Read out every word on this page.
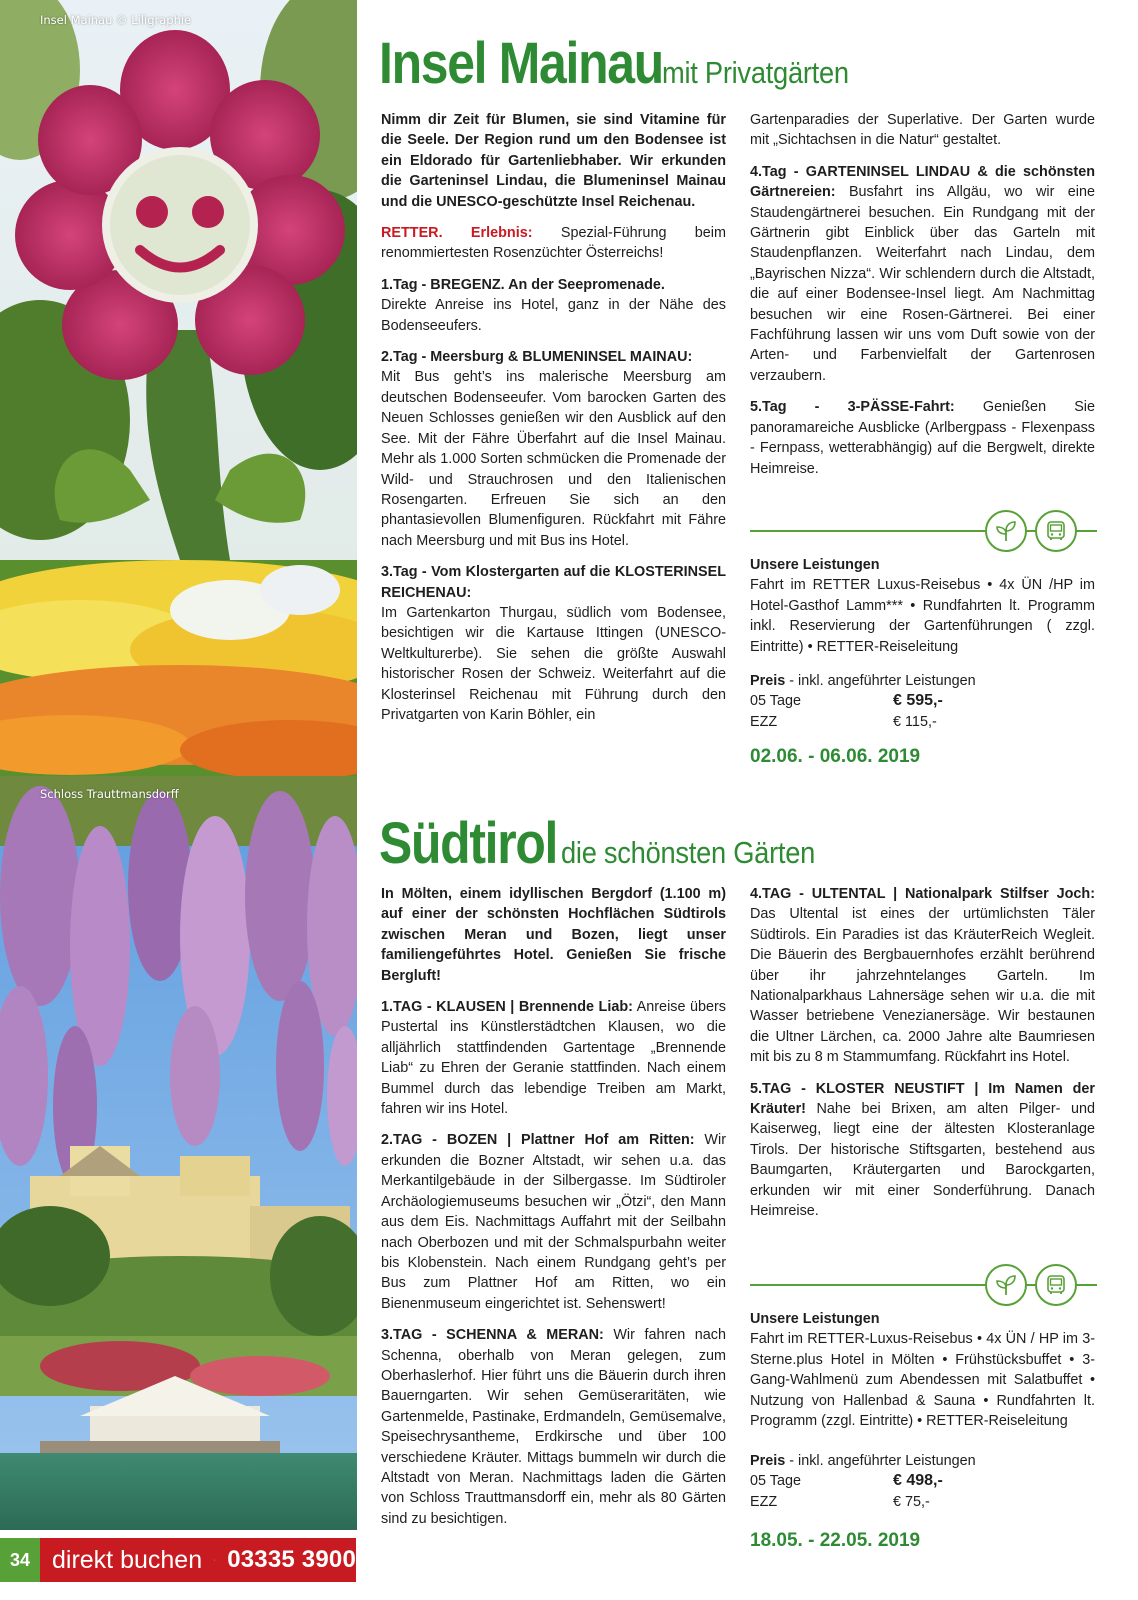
Insel Mainau © Liligraphie
Schloss Trauttmansdorff
34 direkt buchen 03335 3900
Insel Mainau mit Privatgärten

Nimm dir Zeit für Blumen, sie sind Vitamine für die Seele. Der Region rund um den Bodensee ist ein Eldorado für Gartenliebhaber. Wir erkunden die Garteninsel Lindau, die Blumeninsel Mainau und die UNESCO-geschützte Insel Reichenau.

RETTER. Erlebnis: Spezial-Führung beim renommiertesten Rosenzüchter Österreichs!

1.Tag - BREGENZ. An der Seepromenade.
Direkte Anreise ins Hotel, ganz in der Nähe des Bodenseeufers.

2.Tag - Meersburg & BLUMENINSEL MAINAU:
Mit Bus geht’s ins malerische Meersburg am deutschen Bodenseeufer. Vom barocken Garten des Neuen Schlosses genießen wir den Ausblick auf den See. Mit der Fähre Überfahrt auf die Insel Mainau. Mehr als 1.000 Sorten schmücken die Promenade der Wild- und Strauchrosen und den Italienischen Rosengarten. Erfreuen Sie sich an den phantasievollen Blumenfiguren. Rückfahrt mit Fähre nach Meersburg und mit Bus ins Hotel.

3.Tag - Vom Klostergarten auf die KLOSTERINSEL REICHENAU:
Im Gartenkarton Thurgau, südlich vom Bodensee, besichtigen wir die Kartause Ittingen (UNESCO-Weltkulturerbe). Sie sehen die größte Auswahl historischer Rosen der Schweiz. Weiterfahrt auf die Klosterinsel Reichenau mit Führung durch den Privatgarten von Karin Böhler, ein

Gartenparadies der Superlative. Der Garten wurde mit „Sichtachsen in die Natur“ gestaltet.

4.Tag - GARTENINSEL LINDAU & die schönsten Gärtnereien: Busfahrt ins Allgäu, wo wir eine Staudengärtnerei besuchen. Ein Rundgang mit der Gärtnerin gibt Einblick über das Garteln mit Staudenpflanzen. Weiterfahrt nach Lindau, dem „Bayrischen Nizza“. Wir schlendern durch die Altstadt, die auf einer Bodensee-Insel liegt. Am Nachmittag besuchen wir eine Rosen-Gärtnerei. Bei einer Fachführung lassen wir uns vom Duft sowie von der Arten- und Farbenvielfalt der Gartenrosen verzaubern.

5.Tag - 3-PÄSSE-Fahrt: Genießen Sie panoramareiche Ausblicke (Arlbergpass - Flexenpass - Fernpass, wetterabhängig) auf die Bergwelt, direkte Heimreise.

Unsere Leistungen
Fahrt im RETTER Luxus-Reisebus • 4x ÜN /HP im Hotel-Gasthof Lamm*** • Rundfahrten lt. Programm inkl. Reservierung der Gartenführungen ( zzgl. Eintritte) • RETTER-Reiseleitung
Preis - inkl. angeführter Leistungen
05 Tage	€ 595,-
EZZ	€ 115,-
02.06. - 06.06. 2019
Südtirol die schönsten Gärten

In Mölten, einem idyllischen Bergdorf (1.100 m) auf einer der schönsten Hochflächen Südtirols zwischen Meran und Bozen, liegt unser familiengeführtes Hotel. Genießen Sie frische Bergluft!

1.TAG - KLAUSEN | Brennende Liab: Anreise übers Pustertal ins Künstlerstädtchen Klausen, wo die alljährlich stattfindenden Gartentage „Brennende Liab“ zu Ehren der Geranie stattfinden. Nach einem Bummel durch das lebendige Treiben am Markt, fahren wir ins Hotel.

2.TAG - BOZEN | Plattner Hof am Ritten: Wir erkunden die Bozner Altstadt, wir sehen u.a. das Merkantilgebäude in der Silbergasse. Im Südtiroler Archäologiemuseums besuchen wir „Ötzi“, den Mann aus dem Eis. Nachmittags Auffahrt mit der Seilbahn nach Oberbozen und mit der Schmalspurbahn weiter bis Klobenstein. Nach einem Rundgang geht’s per Bus zum Plattner Hof am Ritten, wo ein Bienenmuseum eingerichtet ist. Sehenswert!

3.TAG - SCHENNA & MERAN: Wir fahren nach Schenna, oberhalb von Meran gelegen, zum Oberhaslerhof. Hier führt uns die Bäuerin durch ihren Bauerngarten. Wir sehen Gemüseraritäten, wie Gartenmelde, Pastinake, Erdmandeln, Gemüsemalve, Speisechrysantheme, Erdkirsche und über 100 verschiedene Kräuter. Mittags bummeln wir durch die Altstadt von Meran. Nachmittags laden die Gärten von Schloss Trauttmansdorff ein, mehr als 80 Gärten sind zu besichtigen.

4.TAG - ULTENTAL | Nationalpark Stilfser Joch: Das Ultental ist eines der urtümlichsten Täler Südtirols. Ein Paradies ist das KräuterReich Wegleit. Die Bäuerin des Bergbauernhofes erzählt berührend über ihr jahrzehntelanges Garteln. Im Nationalparkhaus Lahnersäge sehen wir u.a. die mit Wasser betriebene Venezianersäge. Wir bestaunen die Ultner Lärchen, ca. 2000 Jahre alte Baumriesen mit bis zu 8 m Stammumfang. Rückfahrt ins Hotel.

5.TAG - KLOSTER NEUSTIFT | Im Namen der Kräuter! Nahe bei Brixen, am alten Pilger- und Kaiserweg, liegt eine der ältesten Klosteranlage Tirols. Der historische Stiftsgarten, bestehend aus Baumgarten, Kräutergarten und Barockgarten, erkunden wir mit einer Sonderführung. Danach Heimreise.

Unsere Leistungen
Fahrt im RETTER-Luxus-Reisebus • 4x ÜN / HP im 3-Sterne.plus Hotel in Mölten • Frühstücksbuffet • 3-Gang-Wahlmenü zum Abendessen mit Salatbuffet • Nutzung von Hallenbad & Sauna • Rundfahrten lt. Programm (zzgl. Eintritte) • RETTER-Reiseleitung
Preis - inkl. angeführter Leistungen
05 Tage	€ 498,-
EZZ	€ 75,-
18.05. - 22.05. 2019
